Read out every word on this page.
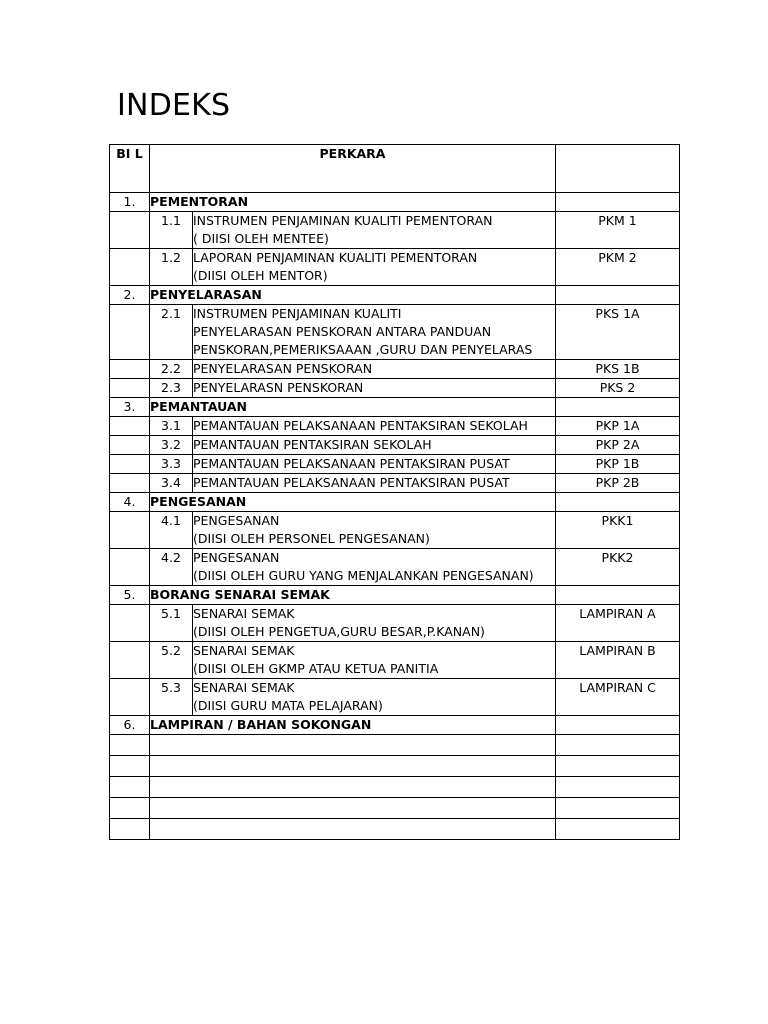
INDEKS
BI L	PERKARA		
1.	PEMENTORAN		
	1.1	INSTRUMEN PENJAMINAN KUALITI PEMENTORAN
( DIISI OLEH MENTEE)	PKM 1
	1.2	LAPORAN PENJAMINAN KUALITI PEMENTORAN
(DIISI OLEH MENTOR)	PKM 2
2.	PENYELARASAN		
	2.1	INSTRUMEN PENJAMINAN KUALITI
PENYELARASAN PENSKORAN ANTARA PANDUAN
PENSKORAN,PEMERIKSAAAN ,GURU DAN PENYELARAS	PKS 1A
	2.2	PENYELARASAN PENSKORAN	PKS 1B
	2.3	PENYELARASN PENSKORAN	PKS 2
3.	PEMANTAUAN		
	3.1	PEMANTAUAN PELAKSANAAN PENTAKSIRAN SEKOLAH	PKP 1A
	3.2	PEMANTAUAN PENTAKSIRAN SEKOLAH	PKP 2A
	3.3	PEMANTAUAN PELAKSANAAN PENTAKSIRAN PUSAT	PKP 1B
	3.4	PEMANTAUAN PELAKSANAAN PENTAKSIRAN PUSAT	PKP 2B
4.	PENGESANAN		
	4.1	PENGESANAN
(DIISI OLEH PERSONEL PENGESANAN)	PKK1
	4.2	PENGESANAN
(DIISI OLEH GURU YANG MENJALANKAN PENGESANAN)	PKK2
5.	BORANG SENARAI SEMAK		
	5.1	SENARAI SEMAK
(DIISI OLEH PENGETUA,GURU BESAR,P.KANAN)	LAMPIRAN A
	5.2	SENARAI SEMAK
(DIISI OLEH GKMP ATAU KETUA PANITIA	LAMPIRAN B
	5.3	SENARAI SEMAK
(DIISI GURU MATA PELAJARAN)	LAMPIRAN C
6.	LAMPIRAN / BAHAN SOKONGAN		
